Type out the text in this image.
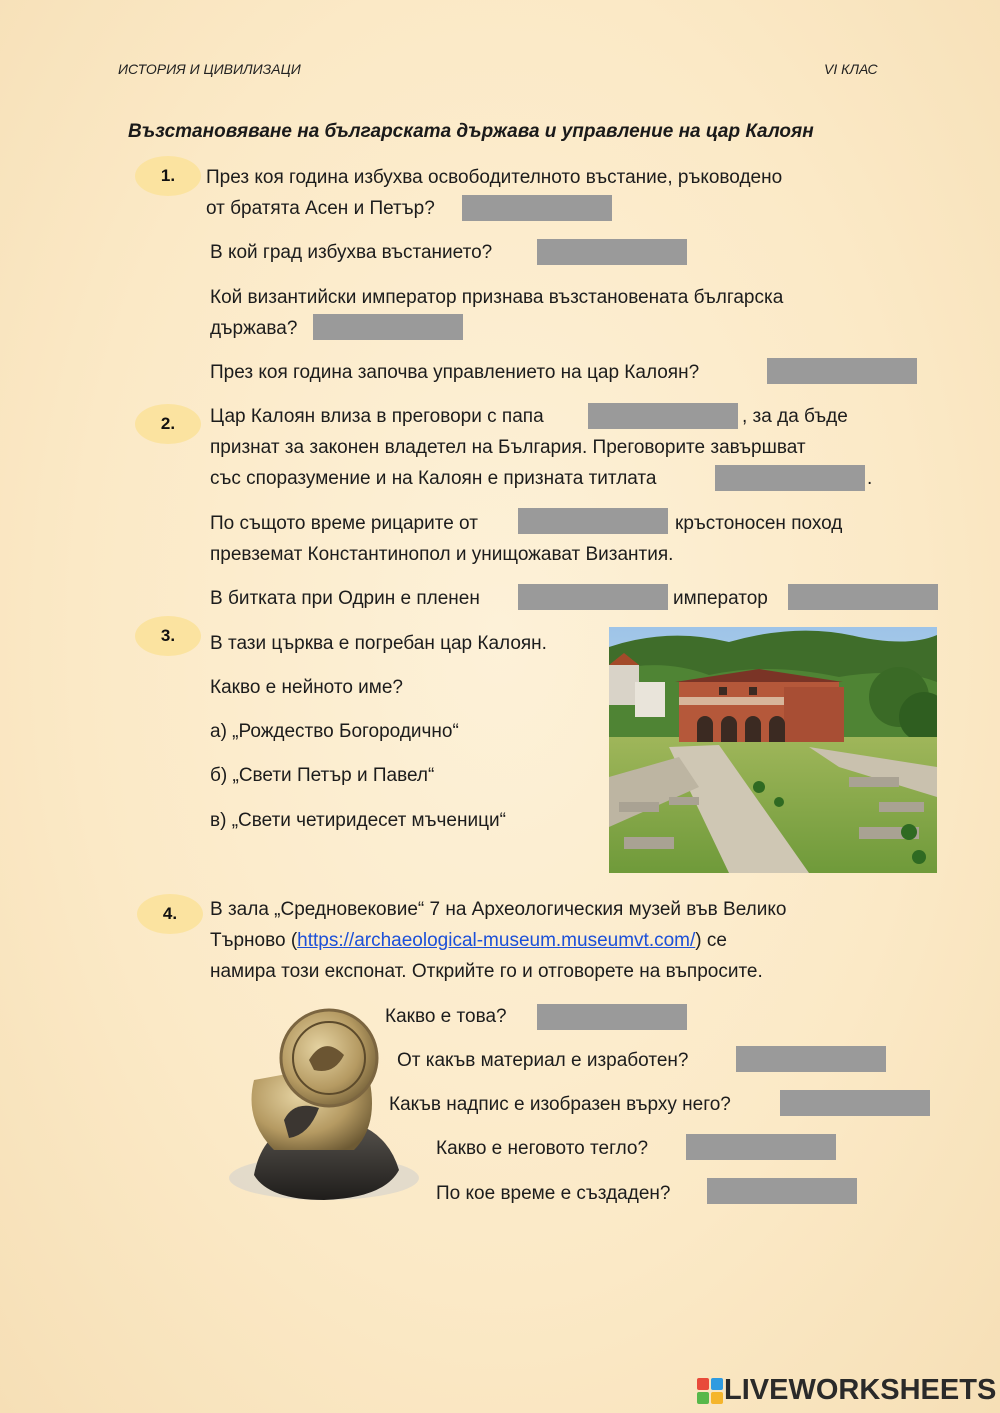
ИСТОРИЯ И ЦИВИЛИЗАЦИ	VI КЛАС
Възстановяване на българската държава и управление на цар Калоян
1.	През коя година избухва освободителното въстание, ръководено
от братята Асен и Петър?
В кой град избухва въстанието?
Кой византийски император признава възстановената българска
държава?
През коя година започва управлението на цар Калоян?
2.	Цар Калоян влиза в преговори с папа	, за да бъде
признат за законен владетел на България. Преговорите завършват
със споразумение и на Калоян е призната титлата	.
По същото време рицарите от	кръстоносен поход
превземат Константинопол и унищожават Византия.
В битката при Одрин е пленен	император
3.	В тази църква е погребан цар Калоян.
Какво е нейното име?
а) „Рождество Богородично“
б) „Свети Петър и Павел“
в) „Свети четиридесет мъченици“
4.	В зала „Средновековие“ 7 на Археологическия музей във Велико
Търново (https://archaeological-museum.museumvt.com/) се
намира този експонат. Открийте го и отговорете на въпросите.
Какво е това?
От какъв материал е изработен?
Какъв надпис е изобразен върху него?
Какво е неговото тегло?
По кое време е създаден?
LIVEWORKSHEETS
